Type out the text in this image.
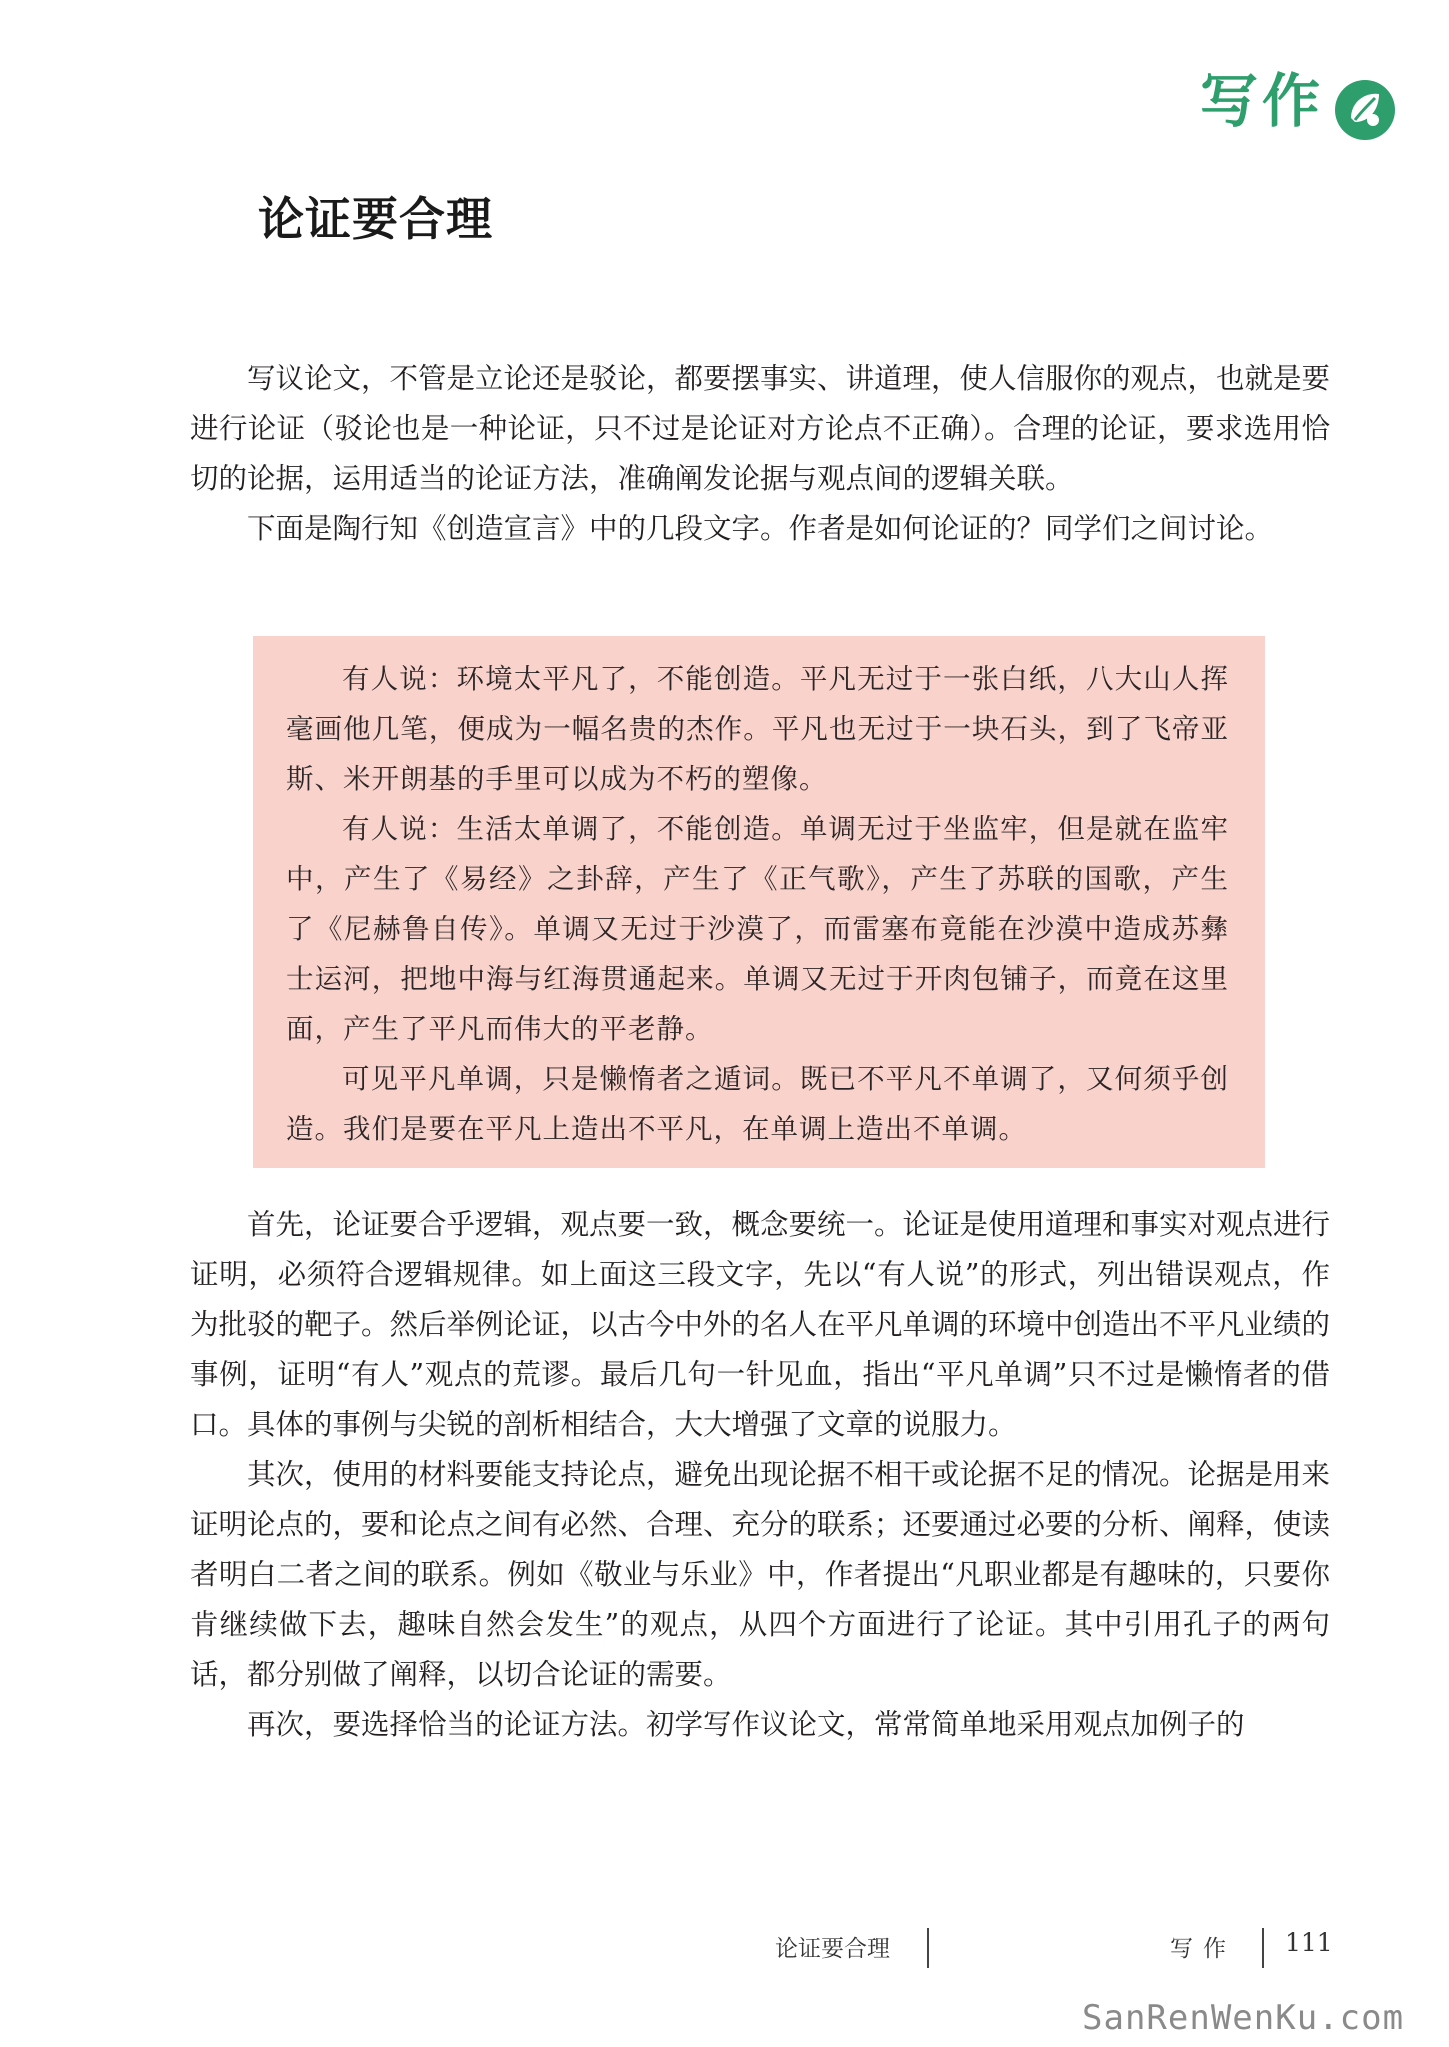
写作
论证要合理

写议论文，不管是立论还是驳论，都要摆事实、讲道理，使人信服你的观点，也就是要进行论证（驳论也是一种论证，只不过是论证对方论点不正确）。合理的论证，要求选用恰切的论据，运用适当的论证方法，准确阐发论据与观点间的逻辑关联。

下面是陶行知《创造宣言》中的几段文字。作者是如何论证的？同学们之间讨论。

有人说：环境太平凡了，不能创造。平凡无过于一张白纸，八大山人挥毫画他几笔，便成为一幅名贵的杰作。平凡也无过于一块石头，到了飞帝亚斯、米开朗基的手里可以成为不朽的塑像。

有人说：生活太单调了，不能创造。单调无过于坐监牢，但是就在监牢中，产生了《易经》之卦辞，产生了《正气歌》，产生了苏联的国歌，产生了《尼赫鲁自传》。单调又无过于沙漠了，而雷塞布竟能在沙漠中造成苏彝士运河，把地中海与红海贯通起来。单调又无过于开肉包铺子，而竟在这里面，产生了平凡而伟大的平老静。

可见平凡单调，只是懒惰者之遁词。既已不平凡不单调了，又何须乎创造。我们是要在平凡上造出不平凡，在单调上造出不单调。

首先，论证要合乎逻辑，观点要一致，概念要统一。论证是使用道理和事实对观点进行证明，必须符合逻辑规律。如上面这三段文字，先以“有人说”的形式，列出错误观点，作为批驳的靶子。然后举例论证，以古今中外的名人在平凡单调的环境中创造出不平凡业绩的事例，证明“有人”观点的荒谬。最后几句一针见血，指出“平凡单调”只不过是懒惰者的借口。具体的事例与尖锐的剖析相结合，大大增强了文章的说服力。

其次，使用的材料要能支持论点，避免出现论据不相干或论据不足的情况。论据是用来证明论点的，要和论点之间有必然、合理、充分的联系；还要通过必要的分析、阐释，使读者明白二者之间的联系。例如《敬业与乐业》中，作者提出“凡职业都是有趣味的，只要你肯继续做下去，趣味自然会发生”的观点，从四个方面进行了论证。其中引用孔子的两句话，都分别做了阐释，以切合论证的需要。

再次，要选择恰当的论证方法。初学写作议论文，常常简单地采用观点加例子的

论证要合理	写作 111
SanRenWenKu.com
